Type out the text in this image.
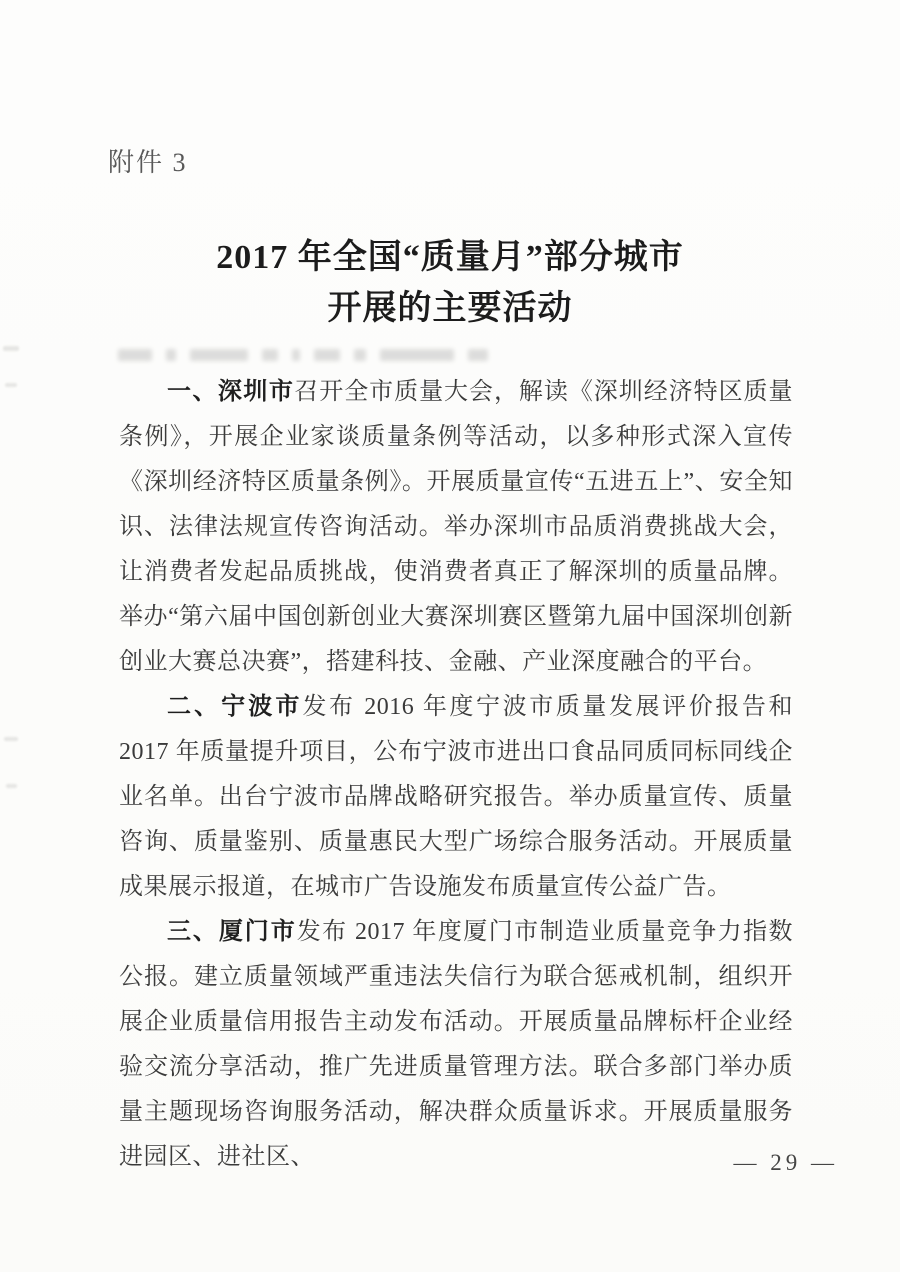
附件 3
2017 年全国“质量月”部分城市
开展的主要活动

一、深圳市召开全市质量大会，解读《深圳经济特区质量条例》，开展企业家谈质量条例等活动，以多种形式深入宣传《深圳经济特区质量条例》。开展质量宣传“五进五上”、安全知识、法律法规宣传咨询活动。举办深圳市品质消费挑战大会，让消费者发起品质挑战，使消费者真正了解深圳的质量品牌。举办“第六届中国创新创业大赛深圳赛区暨第九届中国深圳创新创业大赛总决赛”，搭建科技、金融、产业深度融合的平台。

二、宁波市发布 2016 年度宁波市质量发展评价报告和 2017 年质量提升项目，公布宁波市进出口食品同质同标同线企业名单。出台宁波市品牌战略研究报告。举办质量宣传、质量咨询、质量鉴别、质量惠民大型广场综合服务活动。开展质量成果展示报道，在城市广告设施发布质量宣传公益广告。

三、厦门市发布 2017 年度厦门市制造业质量竞争力指数公报。建立质量领域严重违法失信行为联合惩戒机制，组织开展企业质量信用报告主动发布活动。开展质量品牌标杆企业经验交流分享活动，推广先进质量管理方法。联合多部门举办质量主题现场咨询服务活动，解决群众质量诉求。开展质量服务进园区、进社区、	— 29 —
